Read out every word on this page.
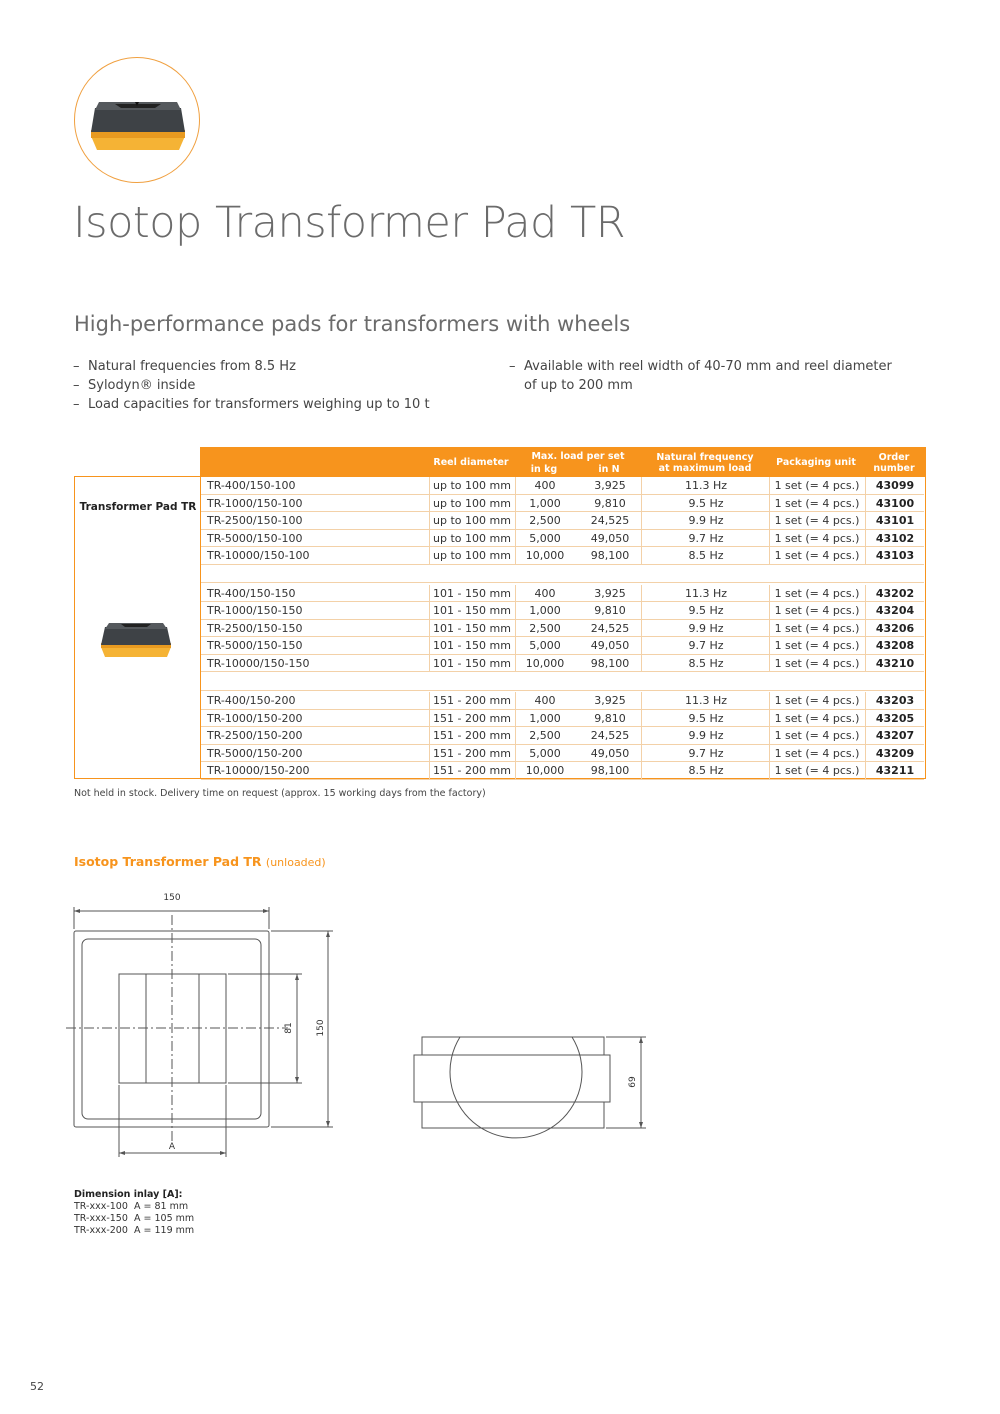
Isotop Transformer Pad TR
High-performance pads for transformers with wheels
– Natural frequencies from 8.5 Hz
– Sylodyn® inside
– Load capacities for transformers weighing up to 10 t
– Available with reel width of 40-70 mm and reel diameter
of up to 200 mm
Reel diameter
Max. load per set
in kg	in N
Natural frequency
at maximum load
Packaging unit	Order
number
Transformer Pad TR
TR-400/150-100	up to 100 mm	400	3,925	11.3 Hz	1 set (= 4 pcs.)	43099
TR-1000/150-100	up to 100 mm	1,000	9,810	9.5 Hz	1 set (= 4 pcs.)	43100
TR-2500/150-100	up to 100 mm	2,500	24,525	9.9 Hz	1 set (= 4 pcs.)	43101
TR-5000/150-100	up to 100 mm	5,000	49,050	9.7 Hz	1 set (= 4 pcs.)	43102
TR-10000/150-100	up to 100 mm	10,000	98,100	8.5 Hz	1 set (= 4 pcs.)	43103
TR-400/150-150	101 - 150 mm	400	3,925	11.3 Hz	1 set (= 4 pcs.)	43202
TR-1000/150-150	101 - 150 mm	1,000	9,810	9.5 Hz	1 set (= 4 pcs.)	43204
TR-2500/150-150	101 - 150 mm	2,500	24,525	9.9 Hz	1 set (= 4 pcs.)	43206
TR-5000/150-150	101 - 150 mm	5,000	49,050	9.7 Hz	1 set (= 4 pcs.)	43208
TR-10000/150-150	101 - 150 mm	10,000	98,100	8.5 Hz	1 set (= 4 pcs.)	43210
TR-400/150-200	151 - 200 mm	400	3,925	11.3 Hz	1 set (= 4 pcs.)	43203
TR-1000/150-200	151 - 200 mm	1,000	9,810	9.5 Hz	1 set (= 4 pcs.)	43205
TR-2500/150-200	151 - 200 mm	2,500	24,525	9.9 Hz	1 set (= 4 pcs.)	43207
TR-5000/150-200	151 - 200 mm	5,000	49,050	9.7 Hz	1 set (= 4 pcs.)	43209
TR-10000/150-200	151 - 200 mm	10,000	98,100	8.5 Hz	1 set (= 4 pcs.)	43211
Not held in stock. Delivery time on request (approx. 15 working days from the factory)
Isotop Transformer Pad TR (unloaded)
150
81 150
A
69
Dimension inlay [A]:
TR-xxx-100 A = 81 mm
TR-xxx-150 A = 105 mm
TR-xxx-200 A = 119 mm
52
